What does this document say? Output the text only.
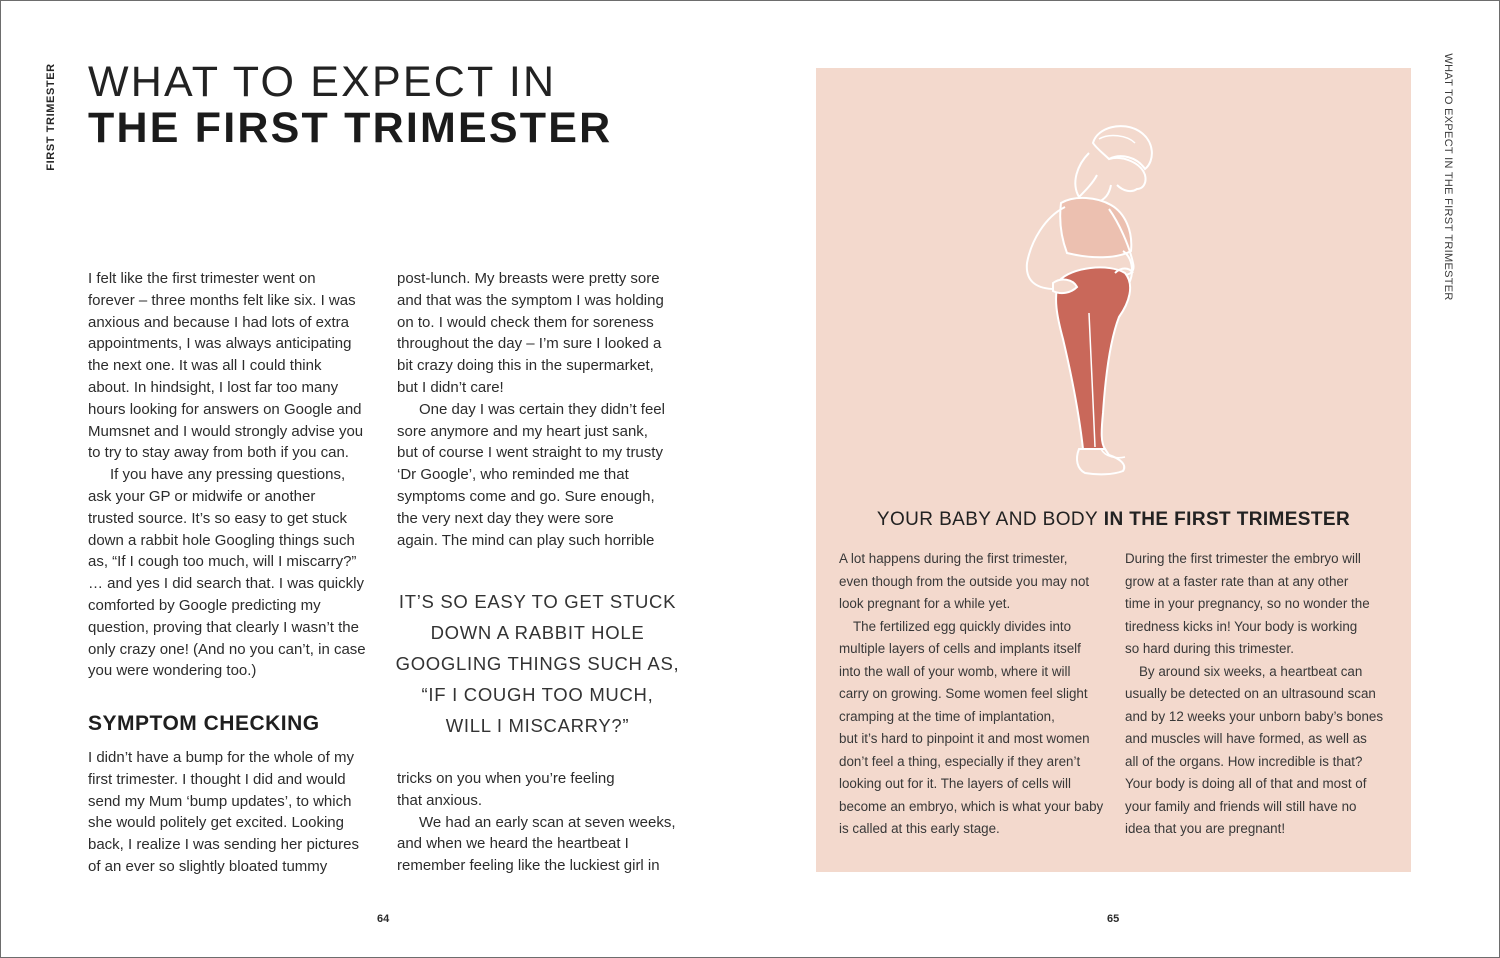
FIRST TRIMESTER WHAT TO EXPECT IN
THE FIRST TRIMESTER

I felt like the first trimester went on

forever – three months felt like six. I was

anxious and because I had lots of extra

appointments, I was always anticipating

the next one. It was all I could think

about. In hindsight, I lost far too many

hours looking for answers on Google and

Mumsnet and I would strongly advise you

to try to stay away from both if you can.

If you have any pressing questions,

ask your GP or midwife or another

trusted source. It’s so easy to get stuck

down a rabbit hole Googling things such

as, “If I cough too much, will I miscarry?”

… and yes I did search that. I was quickly

comforted by Google predicting my

question, proving that clearly I wasn’t the

only crazy one! (And no you can’t, in case

you were wondering too.)

post-lunch. My breasts were pretty sore

and that was the symptom I was holding

on to. I would check them for soreness

throughout the day – I’m sure I looked a

bit crazy doing this in the supermarket,

but I didn’t care!

One day I was certain they didn’t feel

sore anymore and my heart just sank,

but of course I went straight to my trusty

‘Dr Google’, who reminded me that

symptoms come and go. Sure enough,

the very next day they were sore

again. The mind can play such horrible

IT’S SO EASY TO GET STUCK

DOWN A RABBIT HOLE

GOOGLING THINGS SUCH AS,

“IF I COUGH TOO MUCH,

WILL I MISCARRY?”

SYMPTOM CHECKING

I didn’t have a bump for the whole of my

first trimester. I thought I did and would

send my Mum ‘bump updates’, to which

she would politely get excited. Looking

back, I realize I was sending her pictures

of an ever so slightly bloated tummy

tricks on you when you’re feeling

that anxious.

We had an early scan at seven weeks,

and when we heard the heartbeat I

remember feeling like the luckiest girl in

64
YOUR BABY AND BODY IN THE FIRST TRIMESTER

A lot happens during the first trimester,

even though from the outside you may not

look pregnant for a while yet.

The fertilized egg quickly divides into

multiple layers of cells and implants itself

into the wall of your womb, where it will

carry on growing. Some women feel slight

cramping at the time of implantation,

but it’s hard to pinpoint it and most women

don’t feel a thing, especially if they aren’t

looking out for it. The layers of cells will

become an embryo, which is what your baby

is called at this early stage.

During the first trimester the embryo will

grow at a faster rate than at any other

time in your pregnancy, so no wonder the

tiredness kicks in! Your body is working

so hard during this trimester.

By around six weeks, a heartbeat can

usually be detected on an ultrasound scan

and by 12 weeks your unborn baby’s bones

and muscles will have formed, as well as

all of the organs. How incredible is that?

Your body is doing all of that and most of

your family and friends will still have no

idea that you are pregnant!

WHAT TO EXPECT IN THE FIRST TRIMESTER
65
